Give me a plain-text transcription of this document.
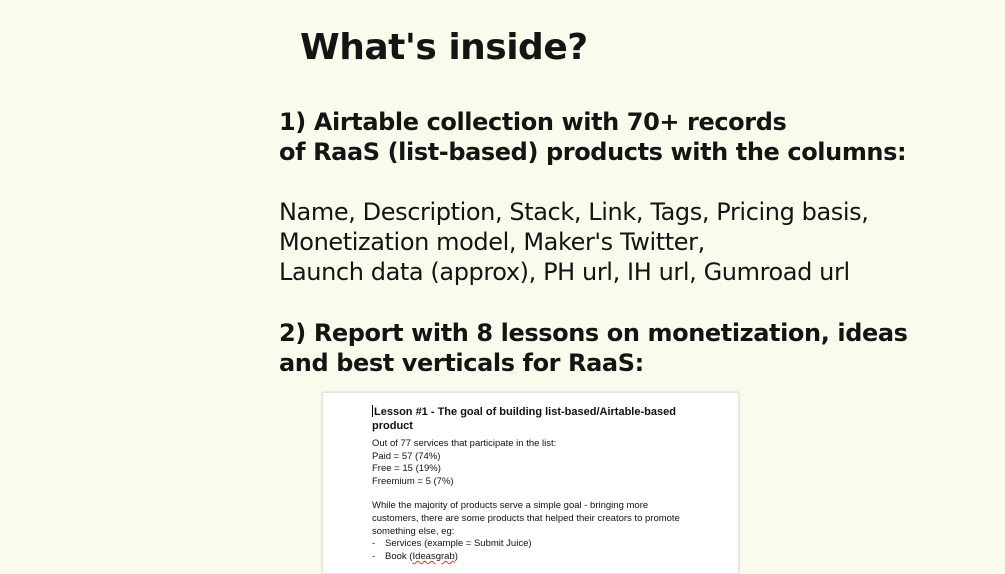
What's inside?
1) Airtable collection with 70+ records
of RaaS (list-based) products with the columns:
Name, Description, Stack, Link, Tags, Pricing basis,
Monetization model, Maker's Twitter,
Launch data (approx), PH url, IH url, Gumroad url
2) Report with 8 lessons on monetization, ideas
and best verticals for RaaS:
Lesson #1 - The goal of building list-based/Airtable-based
product

Out of 77 services that participate in the list:

Paid = 57 (74%)

Free = 15 (19%)

Freemium = 5 (7%)

While the majority of products serve a simple goal - bringing more

customers, there are some products that helped their creators to promote

something else, eg:

- Services (example = Submit Juice)
- Book (Ideasgrab)
